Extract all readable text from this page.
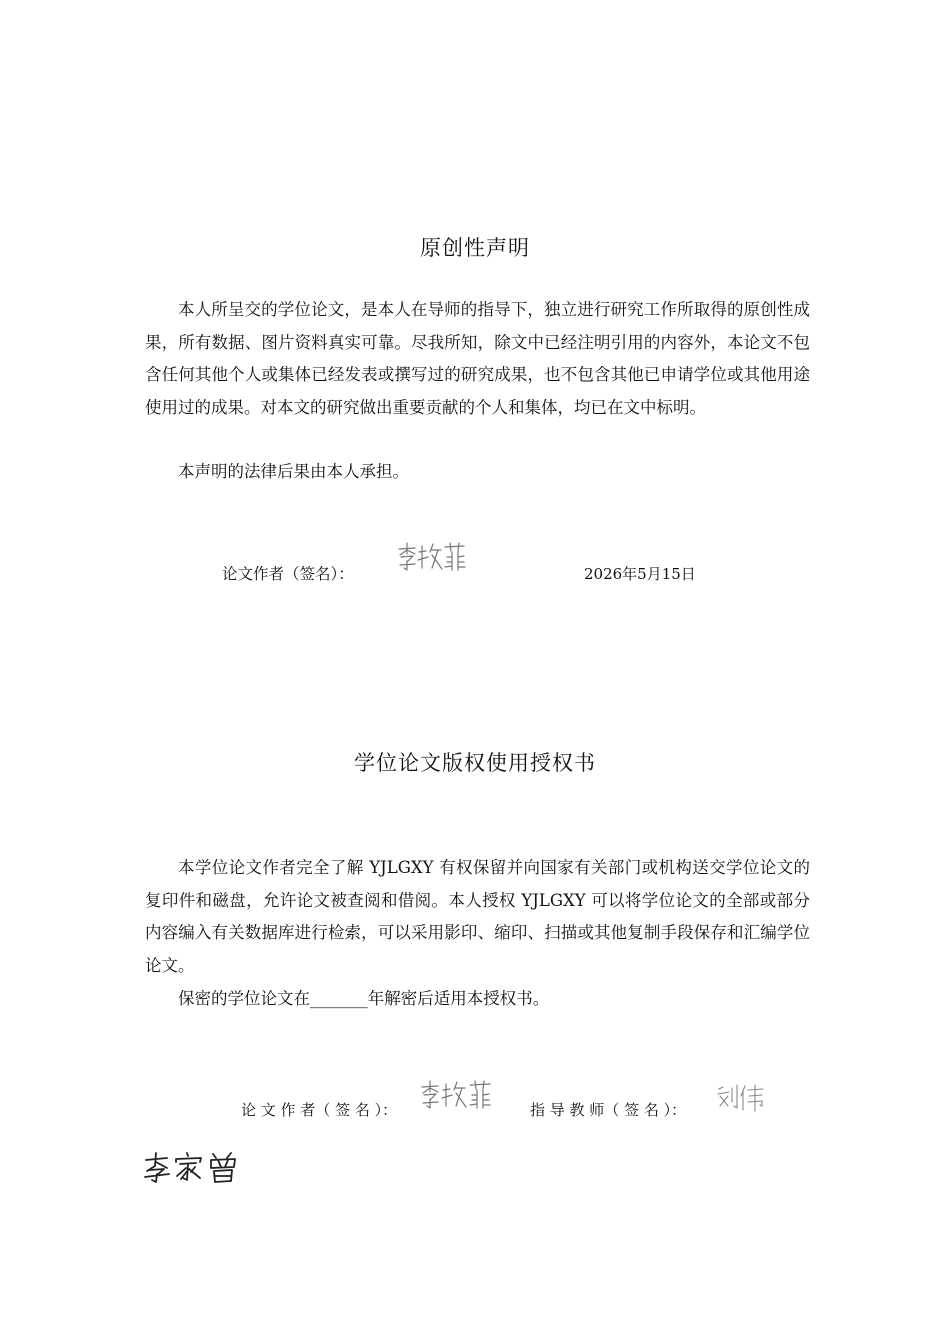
原创性声明

本人所呈交的学位论文，是本人在导师的指导下，独立进行研究工作所取得的原创性成果，所有数据、图片资料真实可靠。尽我所知，除文中已经注明引用的内容外，本论文不包含任何其他个人或集体已经发表或撰写过的研究成果，也不包含其他已申请学位或其他用途使用过的成果。对本文的研究做出重要贡献的个人和集体，均已在文中标明。

本声明的法律后果由本人承担。

论文作者（签名）：	2026年5月15日
学位论文版权使用授权书

本学位论文作者完全了解 YJLGXY 有权保留并向国家有关部门或机构送交学位论文的复印件和磁盘，允许论文被查阅和借阅。本人授权 YJLGXY 可以将学位论文的全部或部分内容编入有关数据库进行检索，可以采用影印、缩印、扫描或其他复制手段保存和汇编学位论文。

保密的学位论文在_______年解密后适用本授权书。

论 文 作 者（ 签 名 ）：	指 导 教 师（ 签 名 ）：
